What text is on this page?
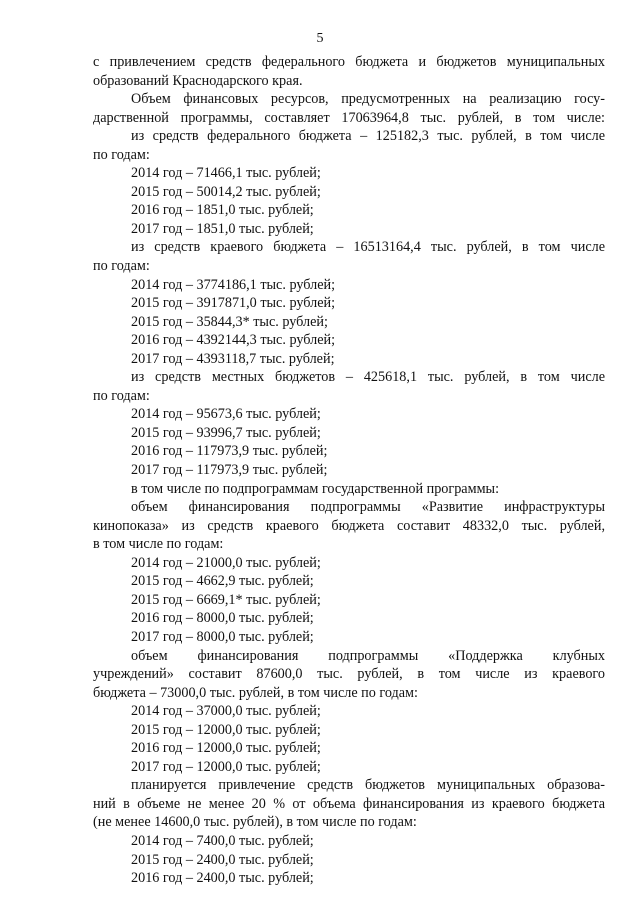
5
с привлечением средств федерального бюджета и бюджетов муниципальных
образований Краснодарского края.
Объем финансовых ресурсов, предусмотренных на реализацию госу-
дарственной программы, составляет 17063964,8 тыс. рублей, в том числе:
из средств федерального бюджета – 125182,3 тыс. рублей, в том числе
по годам:
2014 год – 71466,1 тыс. рублей;
2015 год – 50014,2 тыс. рублей;
2016 год – 1851,0 тыс. рублей;
2017 год – 1851,0 тыс. рублей;
из средств краевого бюджета – 16513164,4 тыс. рублей, в том числе
по годам:
2014 год – 3774186,1 тыс. рублей;
2015 год – 3917871,0 тыс. рублей;
2015 год – 35844,3* тыс. рублей;
2016 год – 4392144,3 тыс. рублей;
2017 год – 4393118,7 тыс. рублей;
из средств местных бюджетов – 425618,1 тыс. рублей, в том числе
по годам:
2014 год – 95673,6 тыс. рублей;
2015 год – 93996,7 тыс. рублей;
2016 год – 117973,9 тыс. рублей;
2017 год – 117973,9 тыс. рублей;
в том числе по подпрограммам государственной программы:
объем финансирования подпрограммы «Развитие инфраструктуры
кинопоказа» из средств краевого бюджета составит 48332,0 тыс. рублей,
в том числе по годам:
2014 год – 21000,0 тыс. рублей;
2015 год – 4662,9 тыс. рублей;
2015 год – 6669,1* тыс. рублей;
2016 год – 8000,0 тыс. рублей;
2017 год – 8000,0 тыс. рублей;
объем финансирования подпрограммы «Поддержка клубных
учреждений» составит 87600,0 тыс. рублей, в том числе из краевого
бюджета – 73000,0 тыс. рублей, в том числе по годам:
2014 год – 37000,0 тыс. рублей;
2015 год – 12000,0 тыс. рублей;
2016 год – 12000,0 тыс. рублей;
2017 год – 12000,0 тыс. рублей;
планируется привлечение средств бюджетов муниципальных образова-
ний в объеме не менее 20 % от объема финансирования из краевого бюджета
(не менее 14600,0 тыс. рублей), в том числе по годам:
2014 год – 7400,0 тыс. рублей;
2015 год – 2400,0 тыс. рублей;
2016 год – 2400,0 тыс. рублей;
